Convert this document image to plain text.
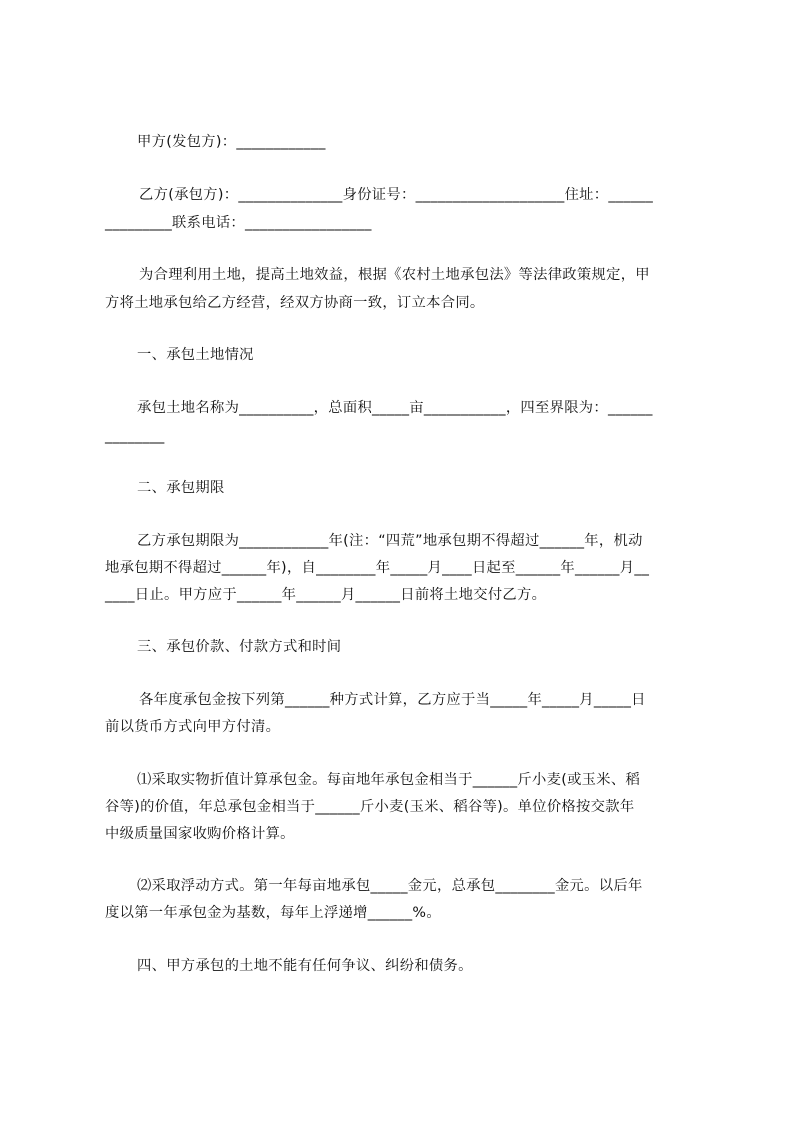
甲方(发包方)：____________
乙方(承包方)：______________身份证号：____________________住址：______
_________联系电话：_________________
为合理利用土地，提高土地效益，根据《农村土地承包法》等法律政策规定，甲
方将土地承包给乙方经营，经双方协商一致，订立本合同。
一、承包土地情况
承包土地名称为__________，总面积_____亩___________，四至界限为：______
________
二、承包期限
乙方承包期限为____________年(注：“四荒”地承包期不得超过______年，机动
地承包期不得超过______年)，自________年_____月____日起至______年______月__
____日止。甲方应于______年______月______日前将土地交付乙方。
三、承包价款、付款方式和时间
各年度承包金按下列第______种方式计算，乙方应于当_____年_____月_____日
前以货币方式向甲方付清。
⑴采取实物折值计算承包金。每亩地年承包金相当于______斤小麦(或玉米、稻
谷等)的价值，年总承包金相当于______斤小麦(玉米、稻谷等)。单位价格按交款年
中级质量国家收购价格计算。
⑵采取浮动方式。第一年每亩地承包_____金元，总承包________金元。以后年
度以第一年承包金为基数，每年上浮递增______%。
四、甲方承包的土地不能有任何争议、纠纷和债务。
